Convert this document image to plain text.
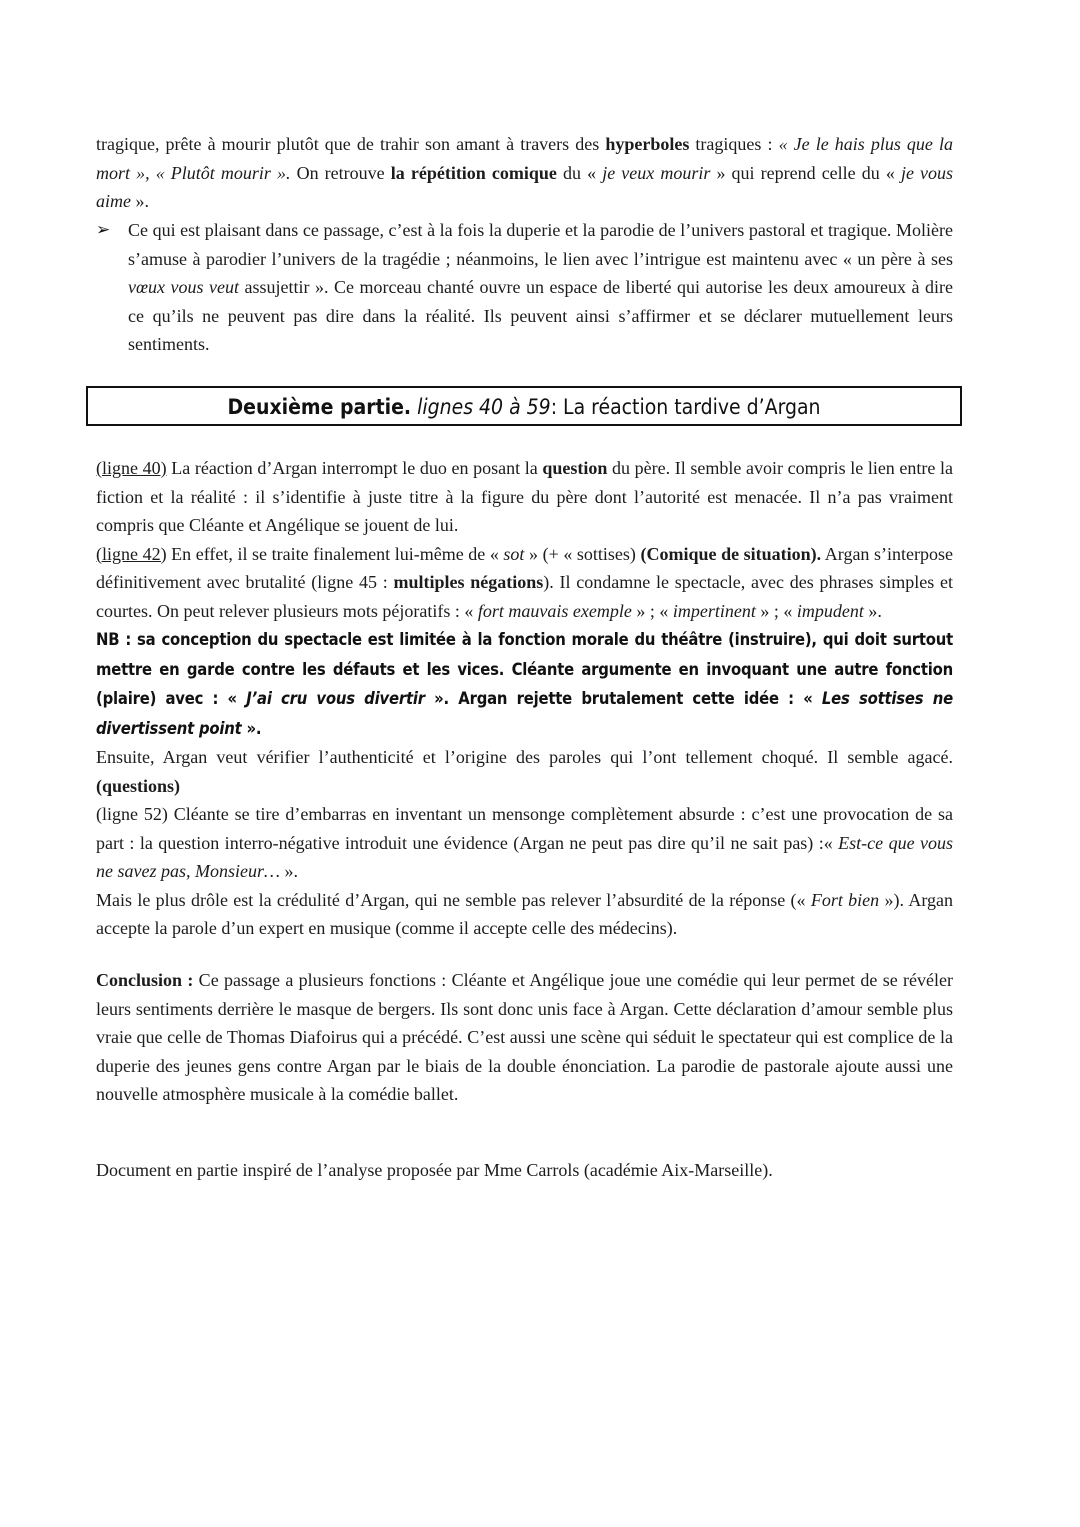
tragique, prête à mourir plutôt que de trahir son amant à travers des hyperboles tragiques : « Je le hais plus que la mort », « Plutôt mourir ». On retrouve la répétition comique du « je veux mourir » qui reprend celle du « je vous aime ».

➢ Ce qui est plaisant dans ce passage, c’est à la fois la duperie et la parodie de l’univers pastoral et tragique. Molière s’amuse à parodier l’univers de la tragédie ; néanmoins, le lien avec l’intrigue est maintenu avec « un père à ses vœux vous veut assujettir ». Ce morceau chanté ouvre un espace de liberté qui autorise les deux amoureux à dire ce qu’ils ne peuvent pas dire dans la réalité. Ils peuvent ainsi s’affirmer et se déclarer mutuellement leurs sentiments.
Deuxième partie. lignes 40 à 59: La réaction tardive d’Argan
(ligne 40) La réaction d’Argan interrompt le duo en posant la question du père. Il semble avoir compris le lien entre la fiction et la réalité : il s’identifie à juste titre à la figure du père dont l’autorité est menacée. Il n’a pas vraiment compris que Cléante et Angélique se jouent de lui.
(ligne 42) En effet, il se traite finalement lui-même de « sot » (+ « sottises) (Comique de situation). Argan s’interpose définitivement avec brutalité (ligne 45 : multiples négations). Il condamne le spectacle, avec des phrases simples et courtes. On peut relever plusieurs mots péjoratifs : « fort mauvais exemple » ; « impertinent » ; « impudent ».
NB : sa conception du spectacle est limitée à la fonction morale du théâtre (instruire), qui doit surtout mettre en garde contre les défauts et les vices. Cléante argumente en invoquant une autre fonction (plaire) avec : « J’ai cru vous divertir ». Argan rejette brutalement cette idée : « Les sottises ne divertissent point ».
Ensuite, Argan veut vérifier l’authenticité et l’origine des paroles qui l’ont tellement choqué. Il semble agacé. (questions)
(ligne 52) Cléante se tire d’embarras en inventant un mensonge complètement absurde : c’est une provocation de sa part : la question interro-négative introduit une évidence (Argan ne peut pas dire qu’il ne sait pas) :« Est-ce que vous ne savez pas, Monsieur… ».
Mais le plus drôle est la crédulité d’Argan, qui ne semble pas relever l’absurdité de la réponse (« Fort bien »). Argan accepte la parole d’un expert en musique (comme il accepte celle des médecins).

Conclusion : Ce passage a plusieurs fonctions : Cléante et Angélique joue une comédie qui leur permet de se révéler leurs sentiments derrière le masque de bergers. Ils sont donc unis face à Argan. Cette déclaration d’amour semble plus vraie que celle de Thomas Diafoirus qui a précédé. C’est aussi une scène qui séduit le spectateur qui est complice de la duperie des jeunes gens contre Argan par le biais de la double énonciation. La parodie de pastorale ajoute aussi une nouvelle atmosphère musicale à la comédie ballet.

Document en partie inspiré de l’analyse proposée par Mme Carrols (académie Aix-Marseille).
